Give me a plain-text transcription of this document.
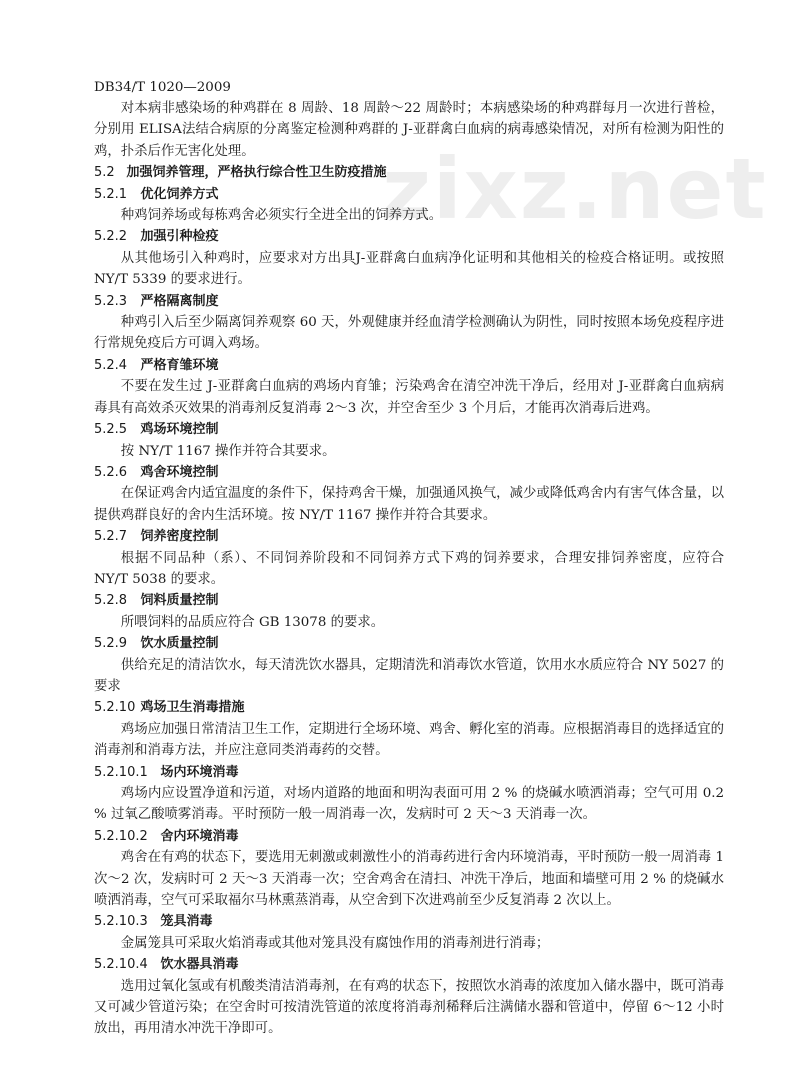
zixz.net
DB34/T 1020—2009
对本病非感染场的种鸡群在 8 周龄、18 周龄～22 周龄时；本病感染场的种鸡群每月一次进行普检，分别用 ELISA法结合病原的分离鉴定检测种鸡群的 J-亚群禽白血病的病毒感染情况，对所有检测为阳性的鸡，扑杀后作无害化处理。
5.2 加强饲养管理，严格执行综合性卫生防疫措施
5.2.1 优化饲养方式
种鸡饲养场或每栋鸡舍必须实行全进全出的饲养方式。
5.2.2 加强引种检疫
从其他场引入种鸡时，应要求对方出具J-亚群禽白血病净化证明和其他相关的检疫合格证明。或按照 NY/T 5339 的要求进行。
5.2.3 严格隔离制度
种鸡引入后至少隔离饲养观察 60 天，外观健康并经血清学检测确认为阴性，同时按照本场免疫程序进行常规免疫后方可调入鸡场。
5.2.4 严格育雏环境
不要在发生过 J-亚群禽白血病的鸡场内育雏；污染鸡舍在清空冲洗干净后，经用对 J-亚群禽白血病病毒具有高效杀灭效果的消毒剂反复消毒 2～3 次，并空舍至少 3 个月后，才能再次消毒后进鸡。
5.2.5 鸡场环境控制
按 NY/T 1167 操作并符合其要求。
5.2.6 鸡舍环境控制
在保证鸡舍内适宜温度的条件下，保持鸡舍干燥，加强通风换气，减少或降低鸡舍内有害气体含量，以提供鸡群良好的舍内生活环境。按 NY/T 1167 操作并符合其要求。
5.2.7 饲养密度控制
根据不同品种（系）、不同饲养阶段和不同饲养方式下鸡的饲养要求，合理安排饲养密度，应符合 NY/T 5038 的要求。
5.2.8 饲料质量控制
所喂饲料的品质应符合 GB 13078 的要求。
5.2.9 饮水质量控制
供给充足的清洁饮水，每天清洗饮水器具，定期清洗和消毒饮水管道，饮用水水质应符合 NY 5027 的要求
5.2.10 鸡场卫生消毒措施
鸡场应加强日常清洁卫生工作，定期进行全场环境、鸡舍、孵化室的消毒。应根据消毒目的选择适宜的消毒剂和消毒方法，并应注意同类消毒药的交替。
5.2.10.1 场内环境消毒
鸡场内应设置净道和污道，对场内道路的地面和明沟表面可用 2 % 的烧碱水喷洒消毒；空气可用 0.2 % 过氧乙酸喷雾消毒。平时预防一般一周消毒一次，发病时可 2 天～3 天消毒一次。
5.2.10.2 舍内环境消毒
鸡舍在有鸡的状态下，要选用无刺激或刺激性小的消毒药进行舍内环境消毒，平时预防一般一周消毒 1 次～2 次，发病时可 2 天～3 天消毒一次；空舍鸡舍在清扫、冲洗干净后，地面和墙壁可用 2 % 的烧碱水喷洒消毒，空气可采取福尔马林熏蒸消毒，从空舍到下次进鸡前至少反复消毒 2 次以上。
5.2.10.3 笼具消毒
金属笼具可采取火焰消毒或其他对笼具没有腐蚀作用的消毒剂进行消毒；
5.2.10.4 饮水器具消毒
选用过氧化氢或有机酸类清洁消毒剂，在有鸡的状态下，按照饮水消毒的浓度加入储水器中，既可消毒又可减少管道污染；在空舍时可按清洗管道的浓度将消毒剂稀释后注满储水器和管道中，停留 6～12 小时放出，再用清水冲洗干净即可。
